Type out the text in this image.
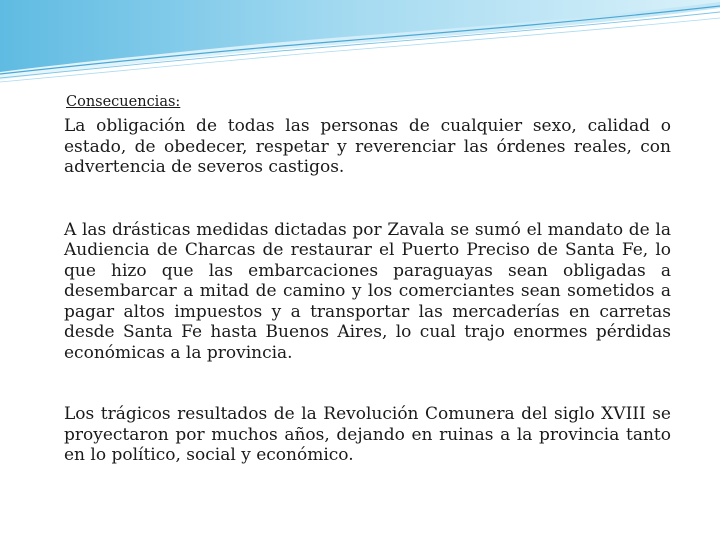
Consecuencias:

La obligación de todas las personas de cualquier sexo, calidad o estado, de obedecer, respetar y reverenciar las órdenes reales, con advertencia de severos castigos.

A las drásticas medidas dictadas por Zavala se sumó el mandato de la Audiencia de Charcas de restaurar el Puerto Preciso de Santa Fe, lo que hizo que las embarcaciones paraguayas sean obligadas a desembarcar a mitad de camino y los comerciantes sean sometidos a pagar altos impuestos y a transportar las mercaderías en carretas desde Santa Fe hasta Buenos Aires, lo cual trajo enormes pérdidas económicas a la provincia.

Los trágicos resultados de la Revolución Comunera del siglo XVIII se proyectaron por muchos años, dejando en ruinas a la provincia tanto en lo político, social y económico.
